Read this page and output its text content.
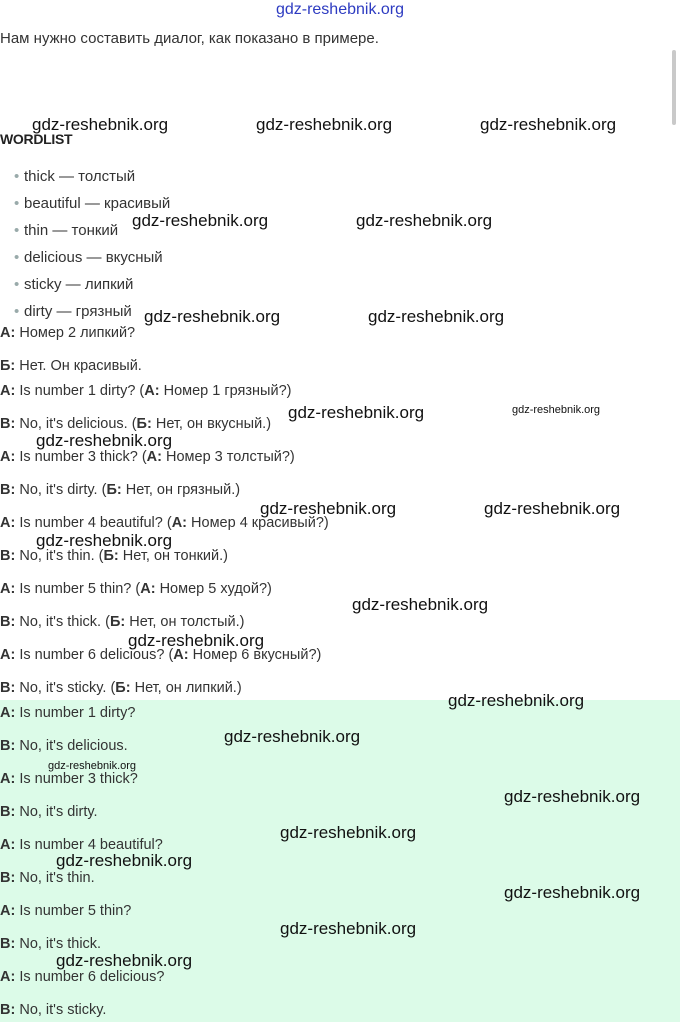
gdz-reshebnik.org
Нам нужно составить диалог, как показано в примере.
WORDLIST
• thick — толстый
• beautiful — красивый
• thin — тонкий
• delicious — вкусный
• sticky — липкий
• dirty — грязный
А: Номер 2 липкий?
Б: Нет. Он красивый.
A: Is number 1 dirty? (А: Номер 1 грязный?)
B: No, it's delicious. (Б: Нет, он вкусный.)
A: Is number 3 thick? (А: Номер 3 толстый?)
B: No, it's dirty. (Б: Нет, он грязный.)
A: Is number 4 beautiful? (А: Номер 4 красивый?)
B: No, it's thin. (Б: Нет, он тонкий.)
A: Is number 5 thin? (А: Номер 5 худой?)
B: No, it's thick. (Б: Нет, он толстый.)
A: Is number 6 delicious? (А: Номер 6 вкусный?)
B: No, it's sticky. (Б: Нет, он липкий.)
A: Is number 1 dirty?
B: No, it's delicious.
A: Is number 3 thick?
B: No, it's dirty.
A: Is number 4 beautiful?
B: No, it's thin.
A: Is number 5 thin?
B: No, it's thick.
A: Is number 6 delicious?
B: No, it's sticky.
gdz-reshebnik.org	gdz-reshebnik.org	gdz-reshebnik.org
gdz-reshebnik.org	gdz-reshebnik.org
gdz-reshebnik.org	gdz-reshebnik.org
gdz-reshebnik.org	gdz-reshebnik.org
gdz-reshebnik.org
gdz-reshebnik.org	gdz-reshebnik.org
gdz-reshebnik.org
gdz-reshebnik.org
gdz-reshebnik.org
gdz-reshebnik.org
gdz-reshebnik.org
gdz-reshebnik.org
gdz-reshebnik.org
gdz-reshebnik.org
gdz-reshebnik.org
gdz-reshebnik.org
gdz-reshebnik.org
gdz-reshebnik.org
